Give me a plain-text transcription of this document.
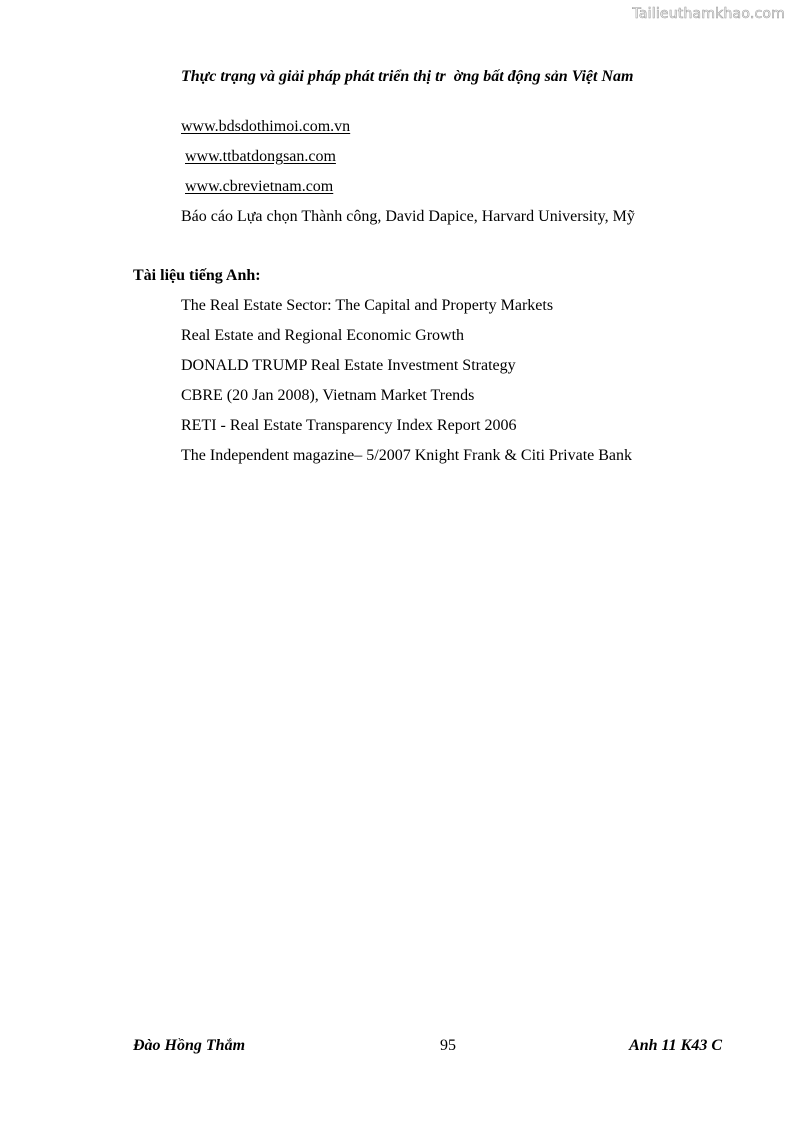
Tailieuthamkhao.com
Thực trạng và giải pháp phát triển thị tr  ờng bất động sản Việt Nam
www.bdsdothimoi.com.vn
www.ttbatdongsan.com
www.cbrevietnam.com
Báo cáo Lựa chọn Thành công, David Dapice, Harvard University, Mỹ
Tài liệu tiếng Anh:
The Real Estate Sector: The Capital and Property Markets
Real Estate and Regional Economic Growth
DONALD TRUMP Real Estate Investment Strategy
CBRE (20 Jan 2008), Vietnam Market Trends
RETI - Real Estate Transparency Index Report 2006
The Independent magazine– 5/2007 Knight Frank & Citi Private Bank
Đào Hồng Thắm	95	Anh 11 K43 C
